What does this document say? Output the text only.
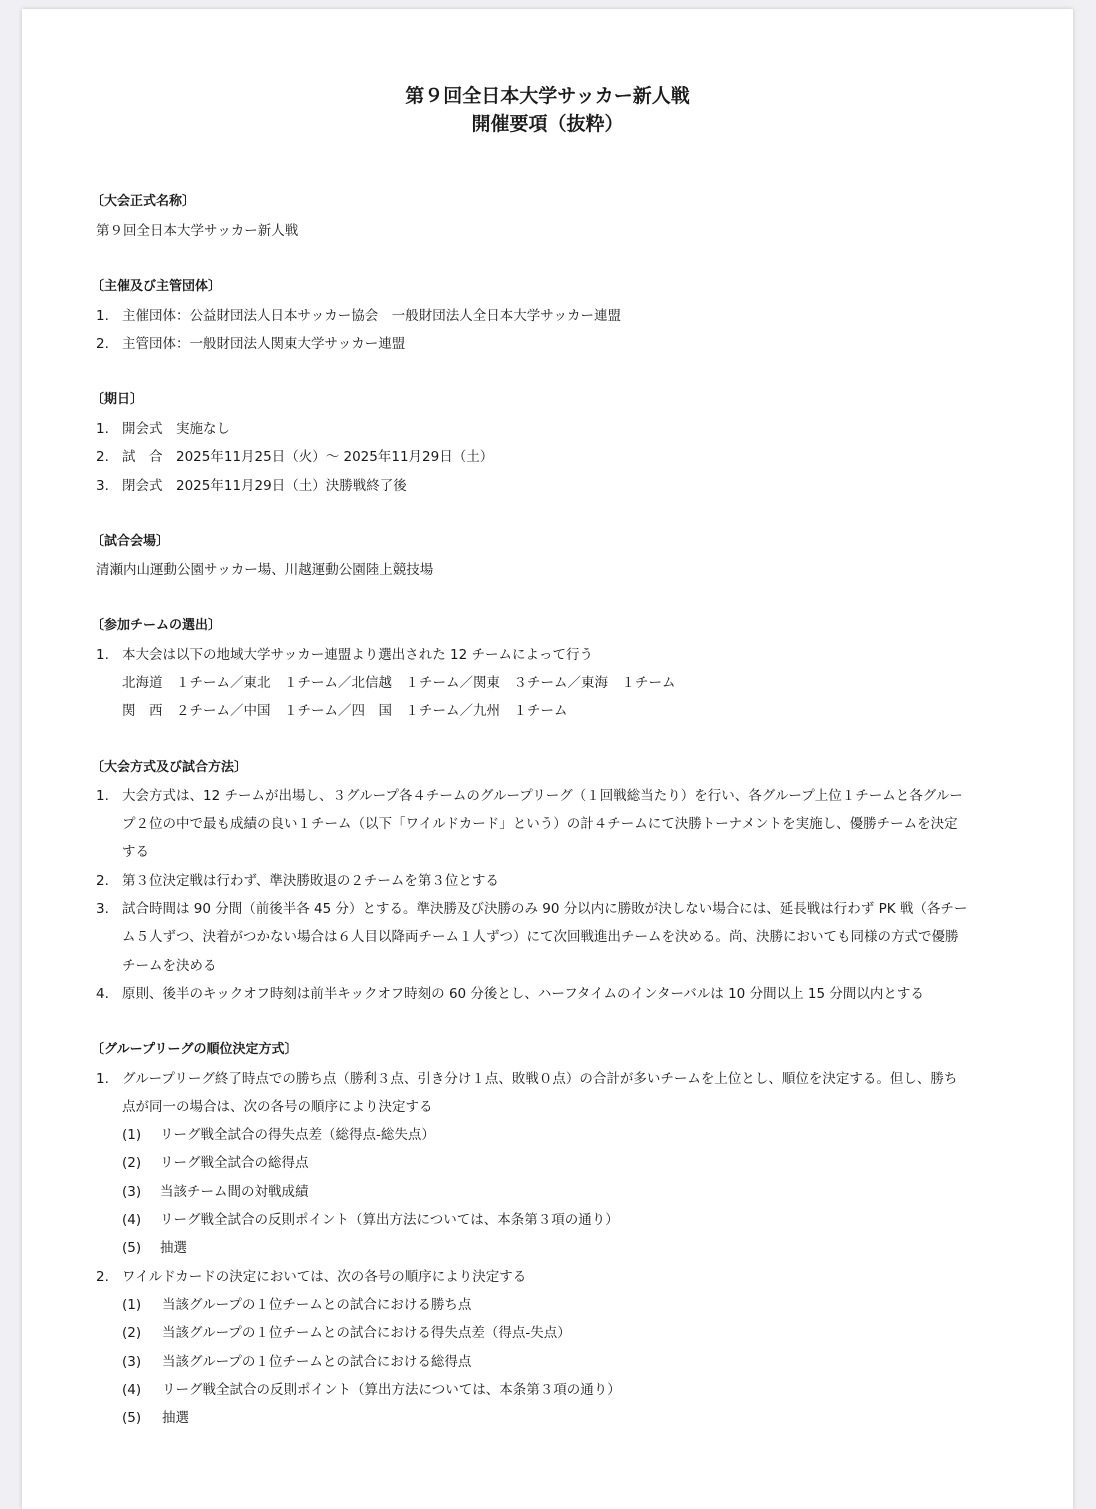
第９回全日本大学サッカー新人戦
開催要項（抜粋）
〔大会正式名称〕
第９回全日本大学サッカー新人戦
〔主催及び主管団体〕
1. 主催団体：公益財団法人日本サッカー協会　一般財団法人全日本大学サッカー連盟
2. 主管団体：一般財団法人関東大学サッカー連盟
〔期日〕
1. 開会式　実施なし
2. 試　合　2025年11月25日（火）～ 2025年11月29日（土）
3. 閉会式　2025年11月29日（土）決勝戦終了後
〔試合会場〕
清瀬内山運動公園サッカー場、川越運動公園陸上競技場
〔参加チームの選出〕
1. 本大会は以下の地域大学サッカー連盟より選出された 12 チームによって行う
北海道　１チーム／東北　１チーム／北信越　１チーム／関東　３チーム／東海　１チーム
関　西　２チーム／中国　１チーム／四　国　１チーム／九州　１チーム
〔大会方式及び試合方法〕
1. 大会方式は、12 チームが出場し、３グループ各４チームのグループリーグ（１回戦総当たり）を行い、各グループ上位１チームと各グルー
プ２位の中で最も成績の良い１チーム（以下「ワイルドカード」という）の計４チームにて決勝トーナメントを実施し、優勝チームを決定
する
2. 第３位決定戦は行わず、準決勝敗退の２チームを第３位とする
3. 試合時間は 90 分間（前後半各 45 分）とする。準決勝及び決勝のみ 90 分以内に勝敗が決しない場合には、延長戦は行わず PK 戦（各チー
ム５人ずつ、決着がつかない場合は６人目以降両チーム１人ずつ）にて次回戦進出チームを決める。尚、決勝においても同様の方式で優勝
チームを決める
4. 原則、後半のキックオフ時刻は前半キックオフ時刻の 60 分後とし、ハーフタイムのインターバルは 10 分間以上 15 分間以内とする
〔グループリーグの順位決定方式〕
1. グループリーグ終了時点での勝ち点（勝利３点、引き分け１点、敗戦０点）の合計が多いチームを上位とし、順位を決定する。但し、勝ち
点が同一の場合は、次の各号の順序により決定する
(1) リーグ戦全試合の得失点差（総得点-総失点）
(2) リーグ戦全試合の総得点
(3) 当該チーム間の対戦成績
(4) リーグ戦全試合の反則ポイント（算出方法については、本条第３項の通り）
(5) 抽選
2. ワイルドカードの決定においては、次の各号の順序により決定する
(1) 当該グループの１位チームとの試合における勝ち点
(2) 当該グループの１位チームとの試合における得失点差（得点-失点）
(3) 当該グループの１位チームとの試合における総得点
(4) リーグ戦全試合の反則ポイント（算出方法については、本条第３項の通り）
(5) 抽選
